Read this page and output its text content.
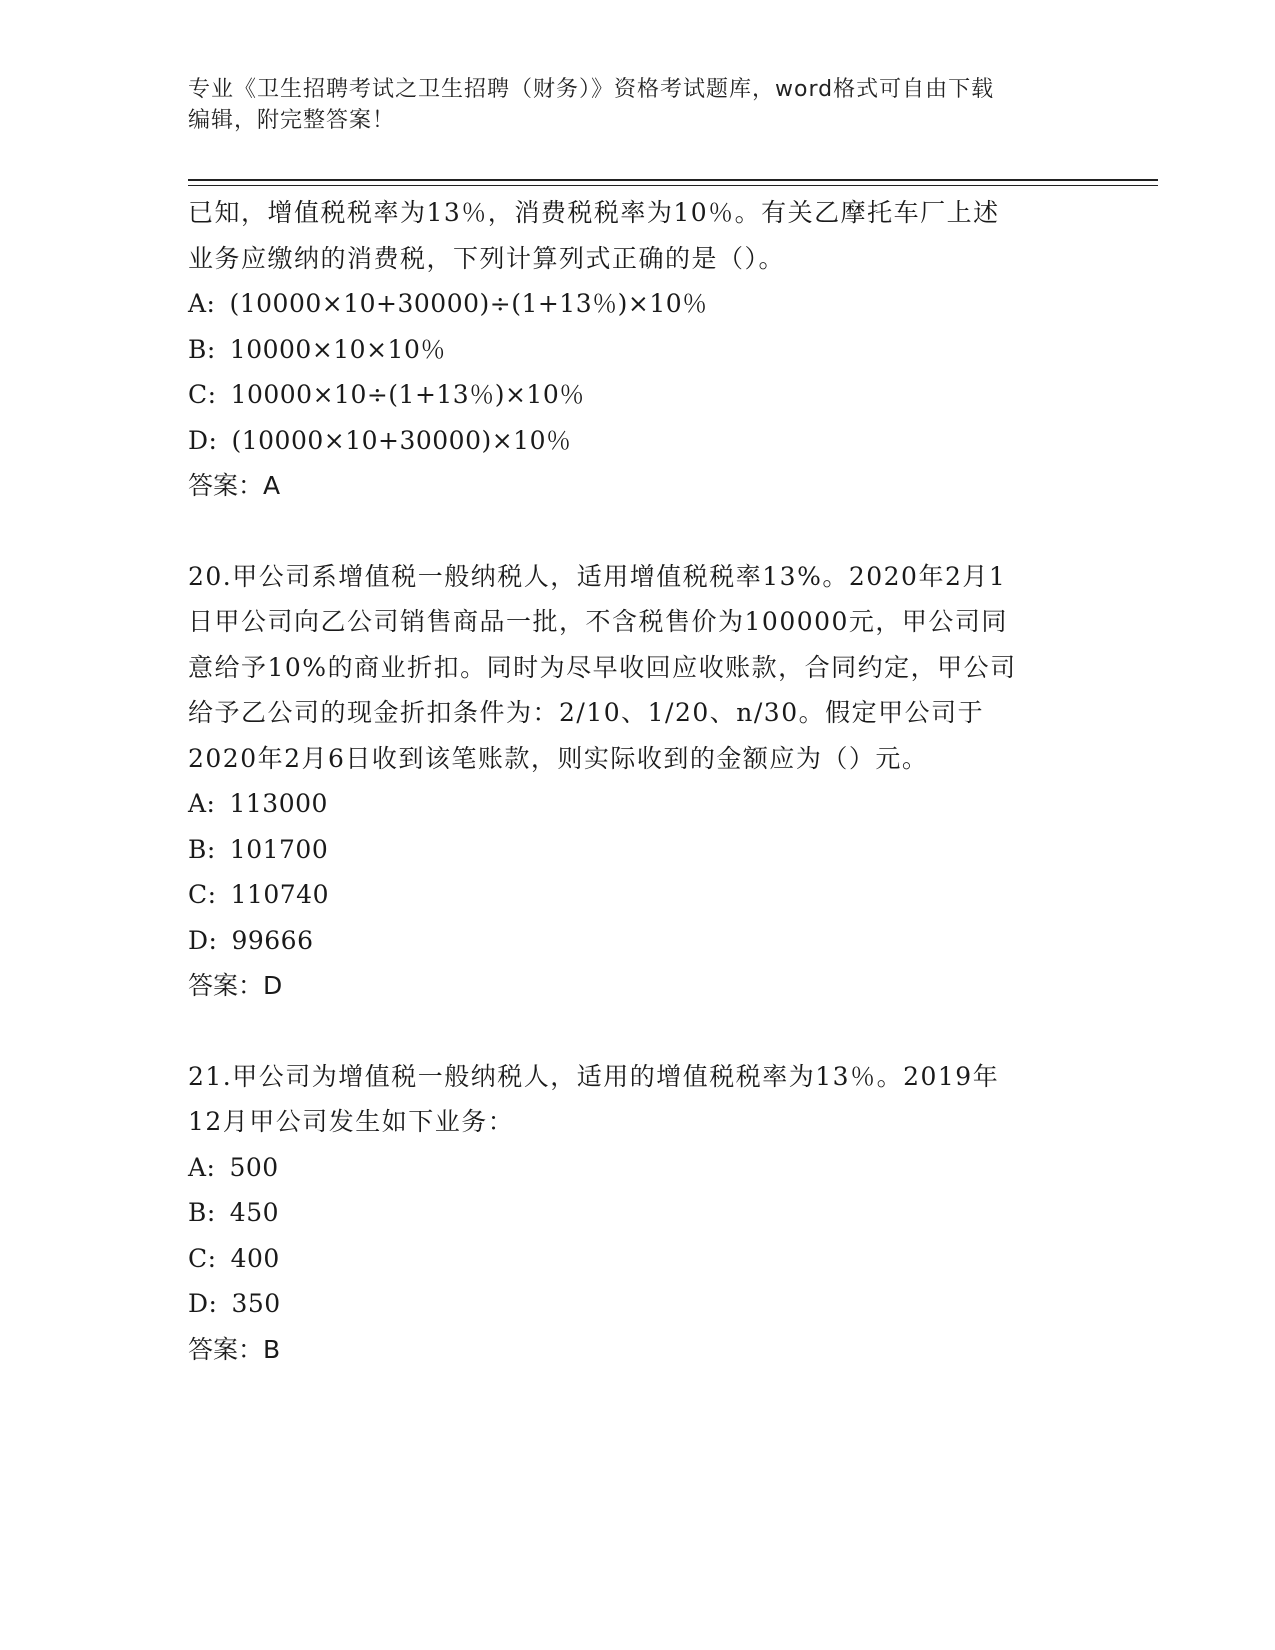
专业《卫生招聘考试之卫生招聘（财务）》资格考试题库，word格式可自由下载
编辑，附完整答案！

已知，增值税税率为13％，消费税税率为10％。有关乙摩托车厂上述

业务应缴纳的消费税，下列计算列式正确的是（）。

A: (10000×10+30000)÷(1+13％)×10％

B: 10000×10×10％

C: 10000×10÷(1+13％)×10％

D: (10000×10+30000)×10％

答案：A

20.甲公司系增值税一般纳税人，适用增值税税率13%。2020年2月1

日甲公司向乙公司销售商品一批，不含税售价为100000元，甲公司同

意给予10%的商业折扣。同时为尽早收回应收账款，合同约定，甲公司

给予乙公司的现金折扣条件为：2/10、1/20、n/30。假定甲公司于

2020年2月6日收到该笔账款，则实际收到的金额应为（）元。

A: 113000

B: 101700

C: 110740

D: 99666

答案：D

21.甲公司为增值税一般纳税人，适用的增值税税率为13％。2019年

12月甲公司发生如下业务：

A: 500

B: 450

C: 400

D: 350

答案：B
